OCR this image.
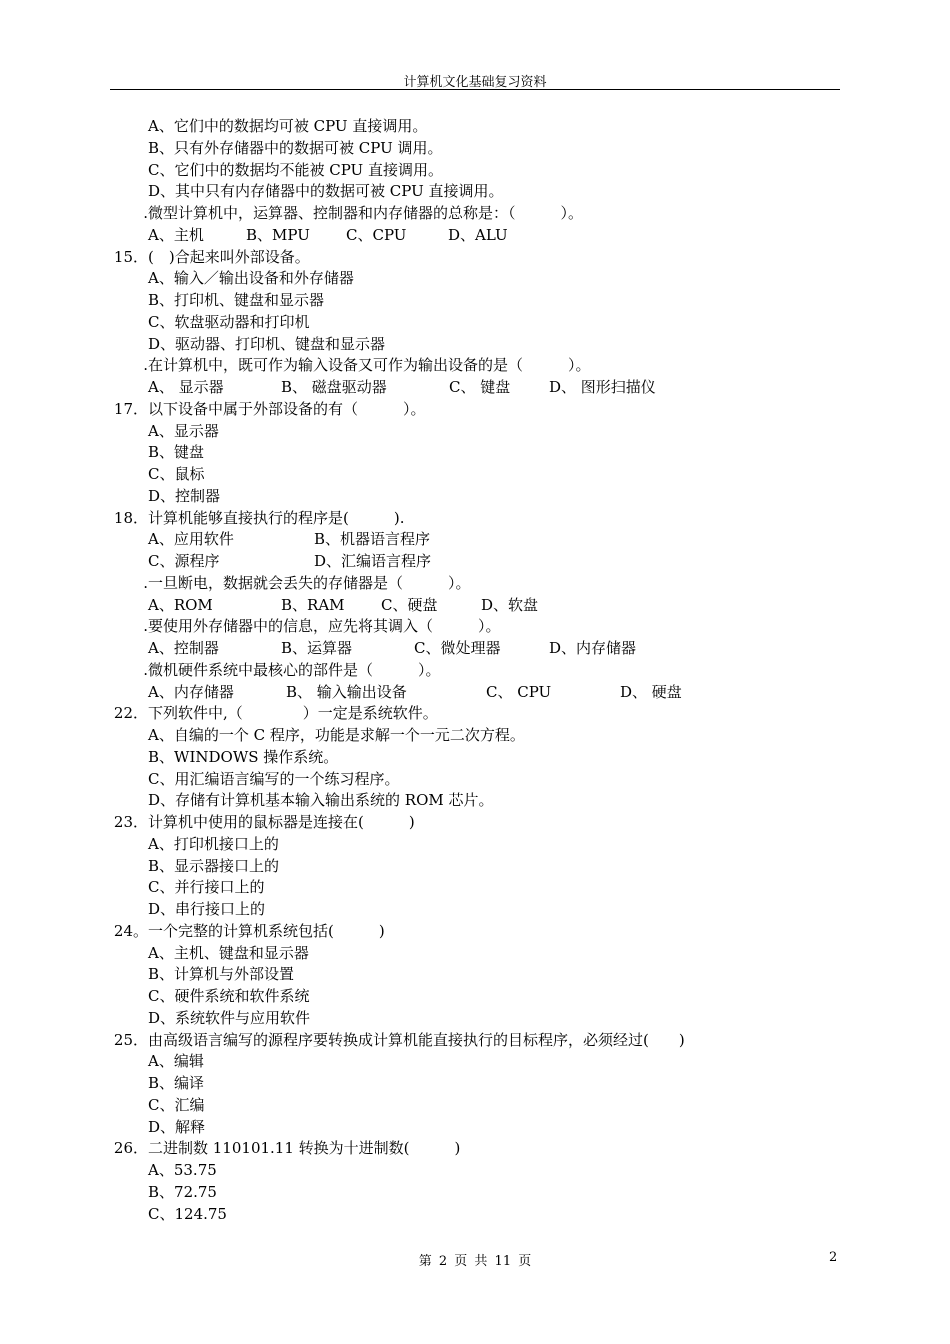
计算机文化基础复习资料
A、它们中的数据均可被 CPU 直接调用。
B、只有外存储器中的数据可被 CPU 调用。
C、它们中的数据均不能被 CPU 直接调用。
D、其中只有内存储器中的数据可被 CPU 直接调用。
.微型计算机中，运算器、控制器和内存储器的总称是：（　　　）。
A、主机	B、MPU C、CPU	D、ALU
15．(　)合起来叫外部设备。
A、输入／输出设备和外存储器
B、打印机、键盘和显示器
C、软盘驱动器和打印机
D、驱动器、打印机、键盘和显示器
.在计算机中，既可作为输入设备又可作为输出设备的是（　　　）。
A、 显示器	B、 磁盘驱动器	C、 键盘	D、 图形扫描仪
17．以下设备中属于外部设备的有（　　　）。
A、显示器
B、键盘
C、鼠标
D、控制器
18．计算机能够直接执行的程序是(　　　).
A、应用软件	B、机器语言程序
C、源程序	D、汇编语言程序
.一旦断电，数据就会丢失的存储器是（　　　）。
A、ROM	B、RAM C、硬盘	D、软盘
.要使用外存储器中的信息，应先将其调入（　　　）。
A、控制器	B、运算器	C、微处理器	D、内存储器
.微机硬件系统中最核心的部件是（　　　）。
A、内存储器	B、 输入输出设备	C、 CPU	D、 硬盘
22．下列软件中,（　　　　）一定是系统软件。
A、自编的一个 C 程序，功能是求解一个一元二次方程。
B、WINDOWS 操作系统。
C、用汇编语言编写的一个练习程序。
D、存储有计算机基本输入输出系统的 ROM 芯片。
23．计算机中使用的鼠标器是连接在(　　　)
A、打印机接口上的
B、显示器接口上的
C、并行接口上的
D、串行接口上的
24。一个完整的计算机系统包括(　　　)
A、主机、键盘和显示器
B、计算机与外部设置
C、硬件系统和软件系统
D、系统软件与应用软件
25．由高级语言编写的源程序要转换成计算机能直接执行的目标程序，必须经过(　　)
A、编辑
B、编译
C、汇编
D、解释
26．二进制数 110101.11 转换为十进制数(　　　)
A、53.75
B、72.75
C、124.75
第 2 页 共 11 页	2
